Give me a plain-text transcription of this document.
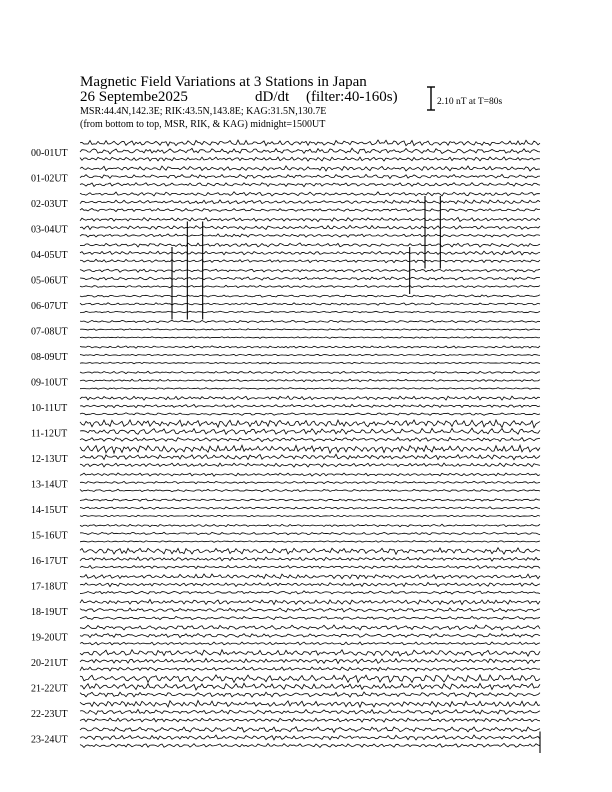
Magnetic Field Variations at 3 Stations in Japan
26 Septembe2025	dD/dt (filter:40-160s)
MSR:44.4N,142.3E; RIK:43.5N,143.8E; KAG:31.5N,130.7E
(from bottom to top, MSR, RIK, & KAG) midnight=1500UT
2.10 nT at T=80s
00-01UT
01-02UT
02-03UT
03-04UT
04-05UT
05-06UT
06-07UT
07-08UT
08-09UT
09-10UT
10-11UT
11-12UT
12-13UT
13-14UT
14-15UT
15-16UT
16-17UT
17-18UT
18-19UT
19-20UT
20-21UT
21-22UT
22-23UT
23-24UT
